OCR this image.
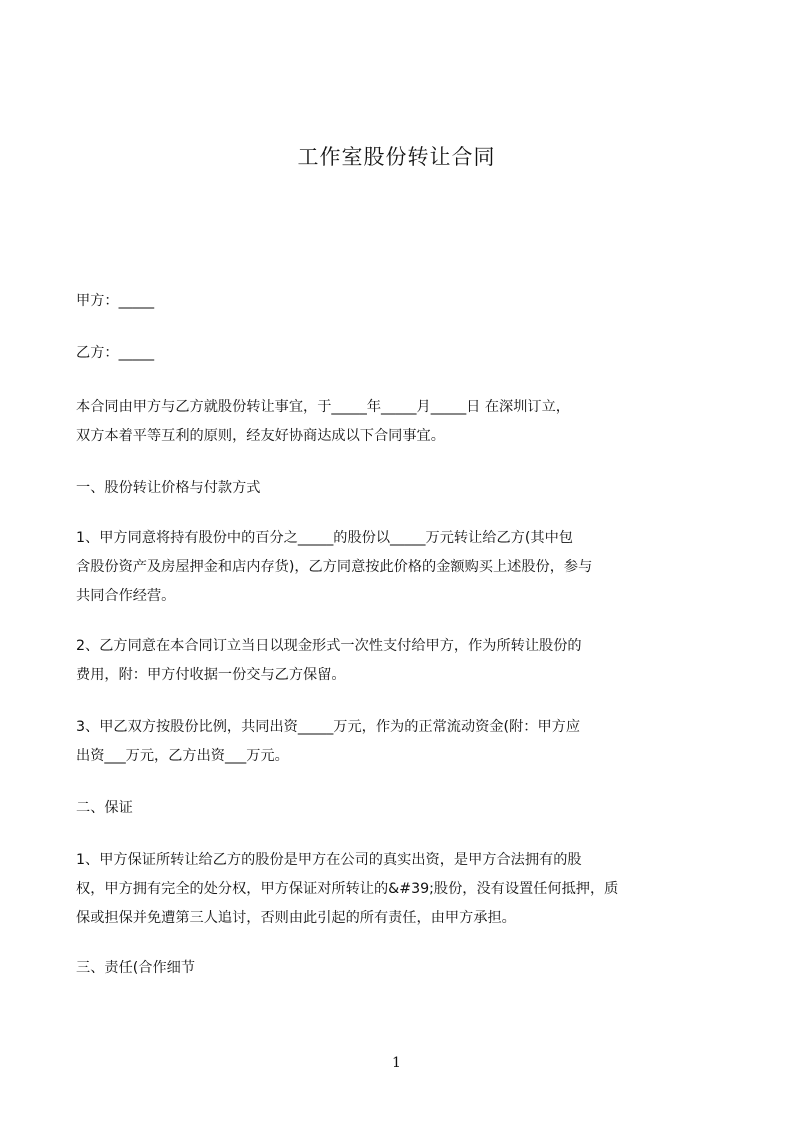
工作室股份转让合同
甲方：_____
乙方：_____
本合同由甲方与乙方就股份转让事宜，于_____年_____月_____日 在深圳订立，
双方本着平等互利的原则，经友好协商达成以下合同事宜。
一、股份转让价格与付款方式
1、甲方同意将持有股份中的百分之_____的股份以_____万元转让给乙方(其中包
含股份资产及房屋押金和店内存货)，乙方同意按此价格的金额购买上述股份，参与
共同合作经营。
2、乙方同意在本合同订立当日以现金形式一次性支付给甲方，作为所转让股份的
费用，附：甲方付收据一份交与乙方保留。
3、甲乙双方按股份比例，共同出资_____万元，作为的正常流动资金(附：甲方应
出资___万元，乙方出资___万元。
二、保证
1、甲方保证所转让给乙方的股份是甲方在公司的真实出资，是甲方合法拥有的股
权，甲方拥有完全的处分权，甲方保证对所转让的&#39;股份，没有设置任何抵押，质
保或担保并免遭第三人追讨，否则由此引起的所有责任，由甲方承担。
三、责任(合作细节
1
